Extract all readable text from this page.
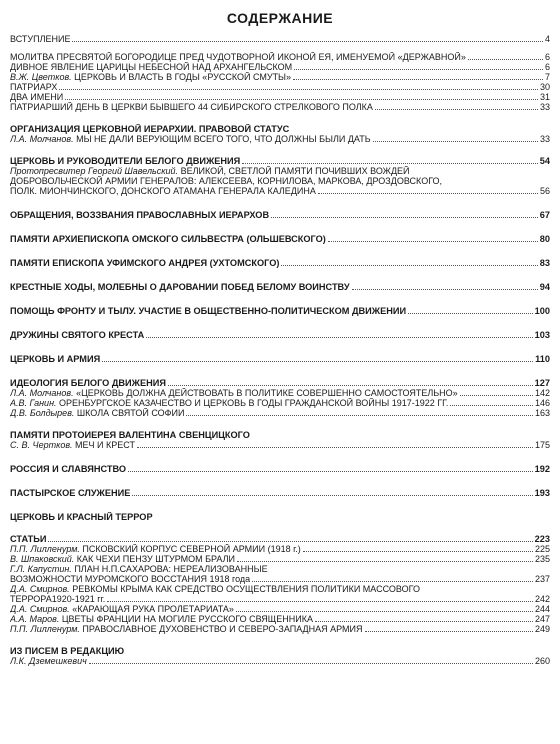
СОДЕРЖАНИЕ
ВСТУПЛЕНИЕ	4
МОЛИТВА ПРЕСВЯТОЙ БОГОРОДИЦЕ ПРЕД ЧУДОТВОРНОЙ ИКОНОЙ ЕЯ, ИМЕНУЕМОЙ «ДЕРЖАВНОЙ»	6
ДИВНОЕ ЯВЛЕНИЕ ЦАРИЦЫ НЕБЕСНОЙ НАД АРХАНГЕЛЬСКОМ	6
В.Ж. Цветков. ЦЕРКОВЬ И ВЛАСТЬ В ГОДЫ «РУССКОЙ СМУТЫ»	7
ПАТРИАРХ	30
ДВА ИМЕНИ	31
ПАТРИАРШИЙ ДЕНЬ В ЦЕРКВИ БЫВШЕГО 44 СИБИРСКОГО СТРЕЛКОВОГО ПОЛКА	33
ОРГАНИЗАЦИЯ ЦЕРКОВНОЙ ИЕРАРХИИ. ПРАВОВОЙ СТАТУС
Л.А. Молчанов. МЫ НЕ ДАЛИ ВЕРУЮЩИМ ВСЕГО ТОГО, ЧТО ДОЛЖНЫ БЫЛИ ДАТЬ	33
ЦЕРКОВЬ И РУКОВОДИТЕЛИ БЕЛОГО ДВИЖЕНИЯ	54
Протопресвитер Георгий Шавельский. ВЕЛИКОЙ, СВЕТЛОЙ ПАМЯТИ ПОЧИВШИХ ВОЖДЕЙ
ДОБРОВОЛЬЧЕСКОЙ АРМИИ ГЕНЕРАЛОВ: АЛЕКСЕЕВА, КОРНИЛОВА, МАРКОВА, ДРОЗДОВСКОГО,
ПОЛК. МИОНЧИНСКОГО, ДОНСКОГО АТАМАНА ГЕНЕРАЛА КАЛЕДИНА	56
ОБРАЩЕНИЯ, ВОЗЗВАНИЯ ПРАВОСЛАВНЫХ ИЕРАРХОВ	67
ПАМЯТИ АРХИЕПИСКОПА ОМСКОГО СИЛЬВЕСТРА (ОЛЬШЕВСКОГО)	80
ПАМЯТИ ЕПИСКОПА УФИМСКОГО АНДРЕЯ (УХТОМСКОГО)	83
КРЕСТНЫЕ ХОДЫ, МОЛЕБНЫ О ДАРОВАНИИ ПОБЕД БЕЛОМУ ВОИНСТВУ	94
ПОМОЩЬ ФРОНТУ И ТЫЛУ. УЧАСТИЕ В ОБЩЕСТВЕННО-ПОЛИТИЧЕСКОМ ДВИЖЕНИИ	100
ДРУЖИНЫ СВЯТОГО КРЕСТА	103
ЦЕРКОВЬ И АРМИЯ	110
ИДЕОЛОГИЯ БЕЛОГО ДВИЖЕНИЯ	127
Л.А. Молчанов. «ЦЕРКОВЬ ДОЛЖНА ДЕЙСТВОВАТЬ В ПОЛИТИКЕ СОВЕРШЕННО САМОСТОЯТЕЛЬНО»	142
А.В. Ганин. ОРЕНБУРГСКОЕ КАЗАЧЕСТВО И ЦЕРКОВЬ В ГОДЫ ГРАЖДАНСКОЙ ВОЙНЫ 1917-1922 ГГ.	146
Д.В. Болдырев. ШКОЛА СВЯТОЙ СОФИИ	163
ПАМЯТИ ПРОТОИЕРЕЯ ВАЛЕНТИНА СВЕНЦИЦКОГО
С. В. Чертков. МЕЧ И КРЕСТ	175
РОССИЯ И СЛАВЯНСТВО	192
ПАСТЫРСКОЕ СЛУЖЕНИЕ	193
ЦЕРКОВЬ И КРАСНЫЙ ТЕРРОР
СТАТЬИ	223
П.П. Лилленурм. ПСКОВСКИЙ КОРПУС СЕВЕРНОЙ АРМИИ (1918 г.)	225
В. Шпаковский. КАК ЧЕХИ ПЕНЗУ ШТУРМОМ БРАЛИ	235
Г.Л. Капустин. ПЛАН Н.П.САХАРОВА: НЕРЕАЛИЗОВАННЫЕ
ВОЗМОЖНОСТИ МУРОМСКОГО ВОССТАНИЯ 1918 года	237
Д.А. Смирнов. РЕВКОМЫ КРЫМА КАК СРЕДСТВО ОСУЩЕСТВЛЕНИЯ ПОЛИТИКИ МАССОВОГО
ТЕРРОРА1920-1921 гг.	242
Д.А. Смирнов. «КАРАЮЩАЯ РУКА ПРОЛЕТАРИАТА»	244
А.А. Маров. ЦВЕТЫ ФРАНЦИИ НА МОГИЛЕ РУССКОГО СВЯЩЕННИКА	247
П.П. Лилленурм. ПРАВОСЛАВНОЕ ДУХОВЕНСТВО И СЕВЕРО-ЗАПАДНАЯ АРМИЯ	249
ИЗ ПИСЕМ В РЕДАКЦИЮ
Л.К. Дземешкевич	260
